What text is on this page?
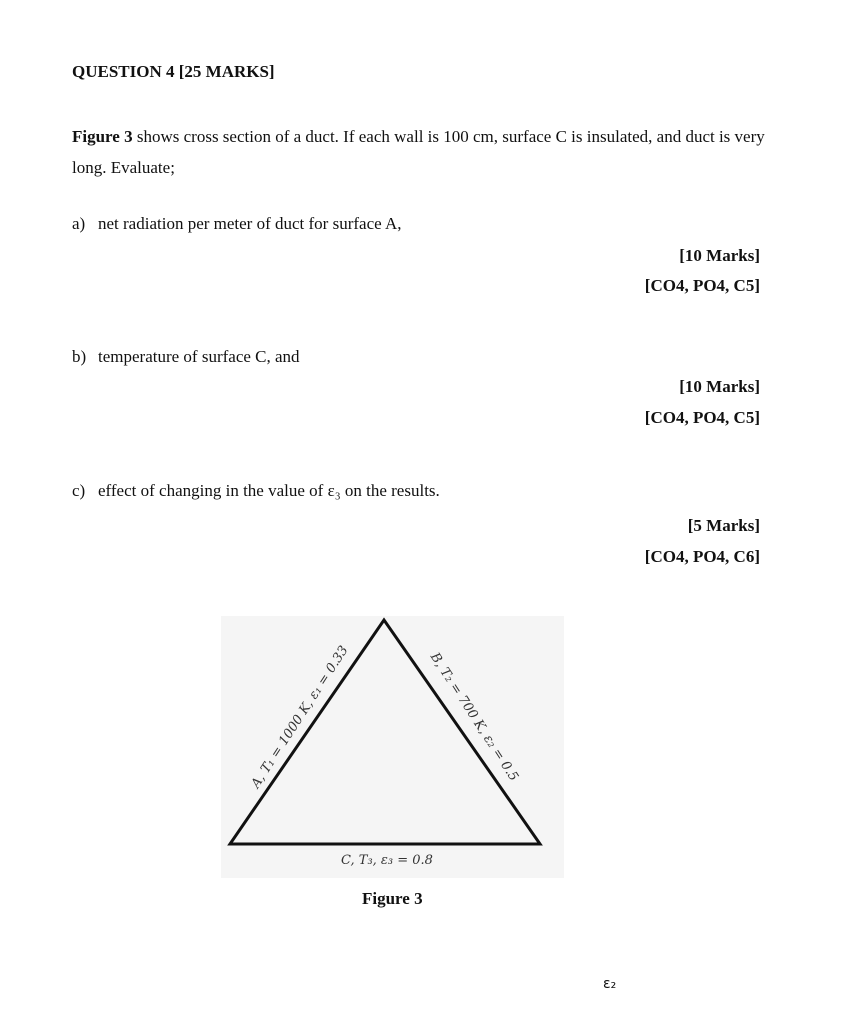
QUESTION 4 [25 MARKS]
Figure 3 shows cross section of a duct. If each wall is 100 cm, surface C is insulated, and duct is very long. Evaluate;
a) net radiation per meter of duct for surface A,
[10 Marks]
[CO4, PO4, C5]
b) temperature of surface C, and
[10 Marks]
[CO4, PO4, C5]
c) effect of changing in the value of ε₃ on the results.
[5 Marks]
[CO4, PO4, C6]
A, T₁ = 1000 K, ε₁ = 0.33	B, T₂ = 700 K, ε₂ = 0.5
C, T₃, ε₃ = 0.8
Figure 3
ε₂
